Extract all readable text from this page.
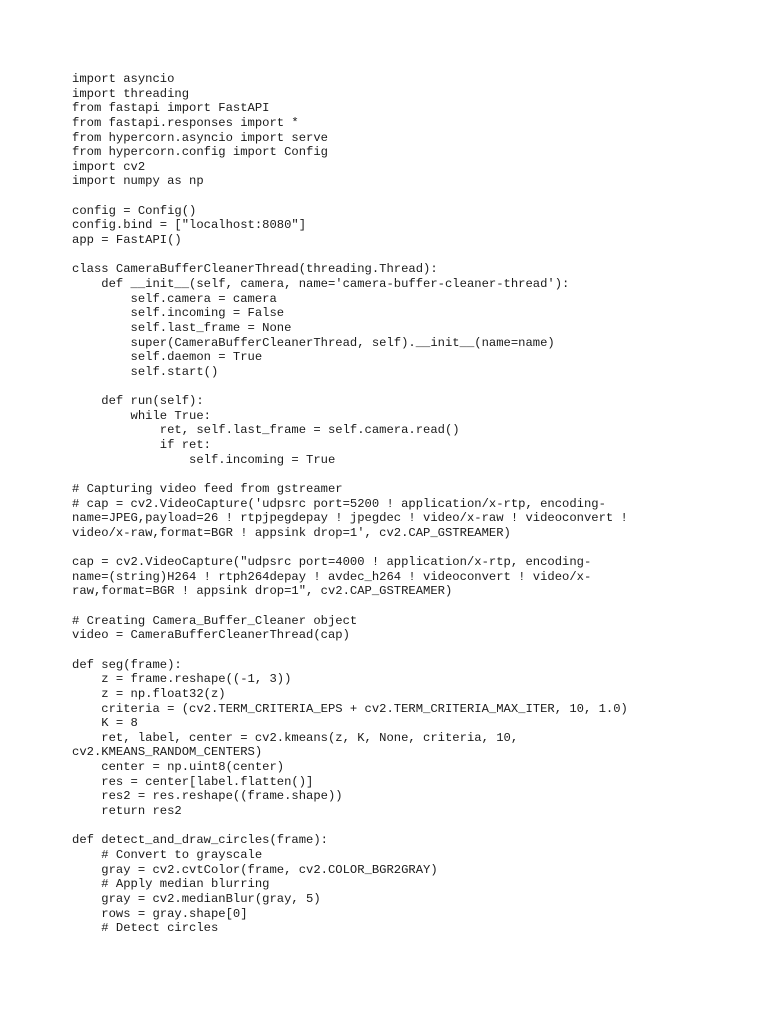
import asyncio
import threading
from fastapi import FastAPI
from fastapi.responses import *
from hypercorn.asyncio import serve
from hypercorn.config import Config
import cv2
import numpy as np
config = Config()
config.bind = ["localhost:8080"]
app = FastAPI()
class CameraBufferCleanerThread(threading.Thread):
def __init__(self, camera, name='camera-buffer-cleaner-thread'):
self.camera = camera
self.incoming = False
self.last_frame = None
super(CameraBufferCleanerThread, self).__init__(name=name)
self.daemon = True
self.start()
def run(self):
while True:
ret, self.last_frame = self.camera.read()
if ret:
self.incoming = True
# Capturing video feed from gstreamer
# cap = cv2.VideoCapture('udpsrc port=5200 ! application/x-rtp, encoding-
name=JPEG,payload=26 ! rtpjpegdepay ! jpegdec ! video/x-raw ! videoconvert !
video/x-raw,format=BGR ! appsink drop=1', cv2.CAP_GSTREAMER)
cap = cv2.VideoCapture("udpsrc port=4000 ! application/x-rtp, encoding-
name=(string)H264 ! rtph264depay ! avdec_h264 ! videoconvert ! video/x-
raw,format=BGR ! appsink drop=1", cv2.CAP_GSTREAMER)
# Creating Camera_Buffer_Cleaner object
video = CameraBufferCleanerThread(cap)
def seg(frame):
z = frame.reshape((-1, 3))
z = np.float32(z)
criteria = (cv2.TERM_CRITERIA_EPS + cv2.TERM_CRITERIA_MAX_ITER, 10, 1.0)
K = 8
ret, label, center = cv2.kmeans(z, K, None, criteria, 10,
cv2.KMEANS_RANDOM_CENTERS)
center = np.uint8(center)
res = center[label.flatten()]
res2 = res.reshape((frame.shape))
return res2
def detect_and_draw_circles(frame):
# Convert to grayscale
gray = cv2.cvtColor(frame, cv2.COLOR_BGR2GRAY)
# Apply median blurring
gray = cv2.medianBlur(gray, 5)
rows = gray.shape[0]
# Detect circles
